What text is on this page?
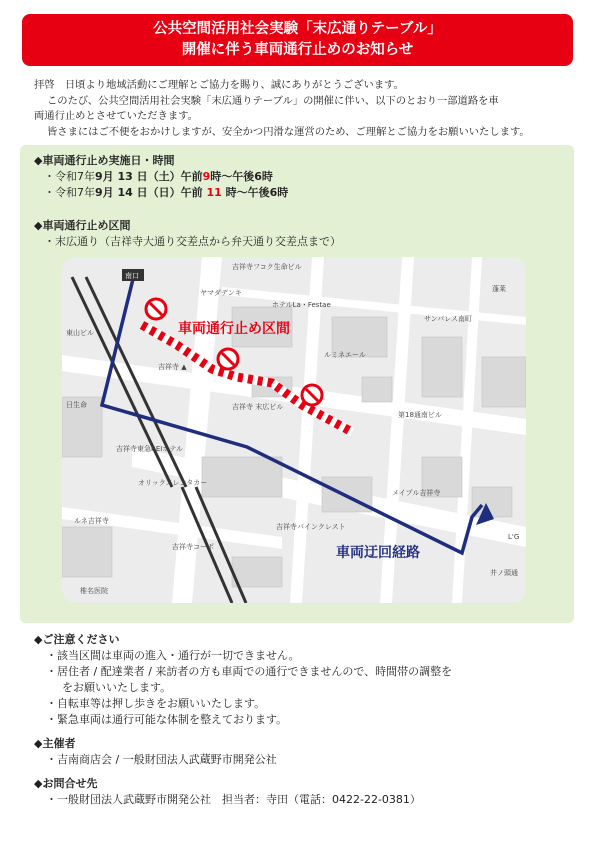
公共空間活用社会実験「末広通りテーブル」
開催に伴う車両通行止めのお知らせ

拝啓　日頃より地域活動にご理解とご協力を賜り、誠にありがとうございます。

このたび、公共空間活用社会実験「末広通りテーブル」の開催に伴い、以下のとおり一部道路を車

両通行止めとさせていただきます。

皆さまにはご不便をおかけしますが、安全かつ円滑な運営のため、ご理解とご協力をお願いいたします。

◆車両通行止め実施日・時間
・令和7年9月 13 日（土）午前9時〜午後6時
・令和7年9月 14 日（日）午前 11 時〜午後6時
◆車両通行止め区間
・末広通り（吉祥寺大通り交差点から弁天通り交差点まで）
車両通行止め区間
車両迂回経路
南口
吉祥寺フコク生命ビル
ヤマダデンキ
ホテルLa・Festae
ルミネエール
サンパレス南町
吉祥寺 末広ビル
吉祥寺 ▲
吉祥寺東急REIホテル
オリックスレンタカー
ルネ吉祥寺
吉祥寺コーポ
吉祥寺パインクレスト
メイプル吉祥寺
第18通南ビル
椎名医院
東山ビル
日生命
蓬莱
L'G
井ノ頭通
◆ご注意ください
・該当区間は車両の進入・通行が一切できません。
・居住者 / 配達業者 / 来訪者の方も車両での通行できませんので、時間帯の調整を
をお願いいたします。
・自転車等は押し歩きをお願いいたします。
・緊急車両は通行可能な体制を整えております。
◆主催者
・吉南商店会 / 一般財団法人武蔵野市開発公社
◆お問合せ先
・一般財団法人武蔵野市開発公社　担当者：寺田（電話：0422-22-0381）
